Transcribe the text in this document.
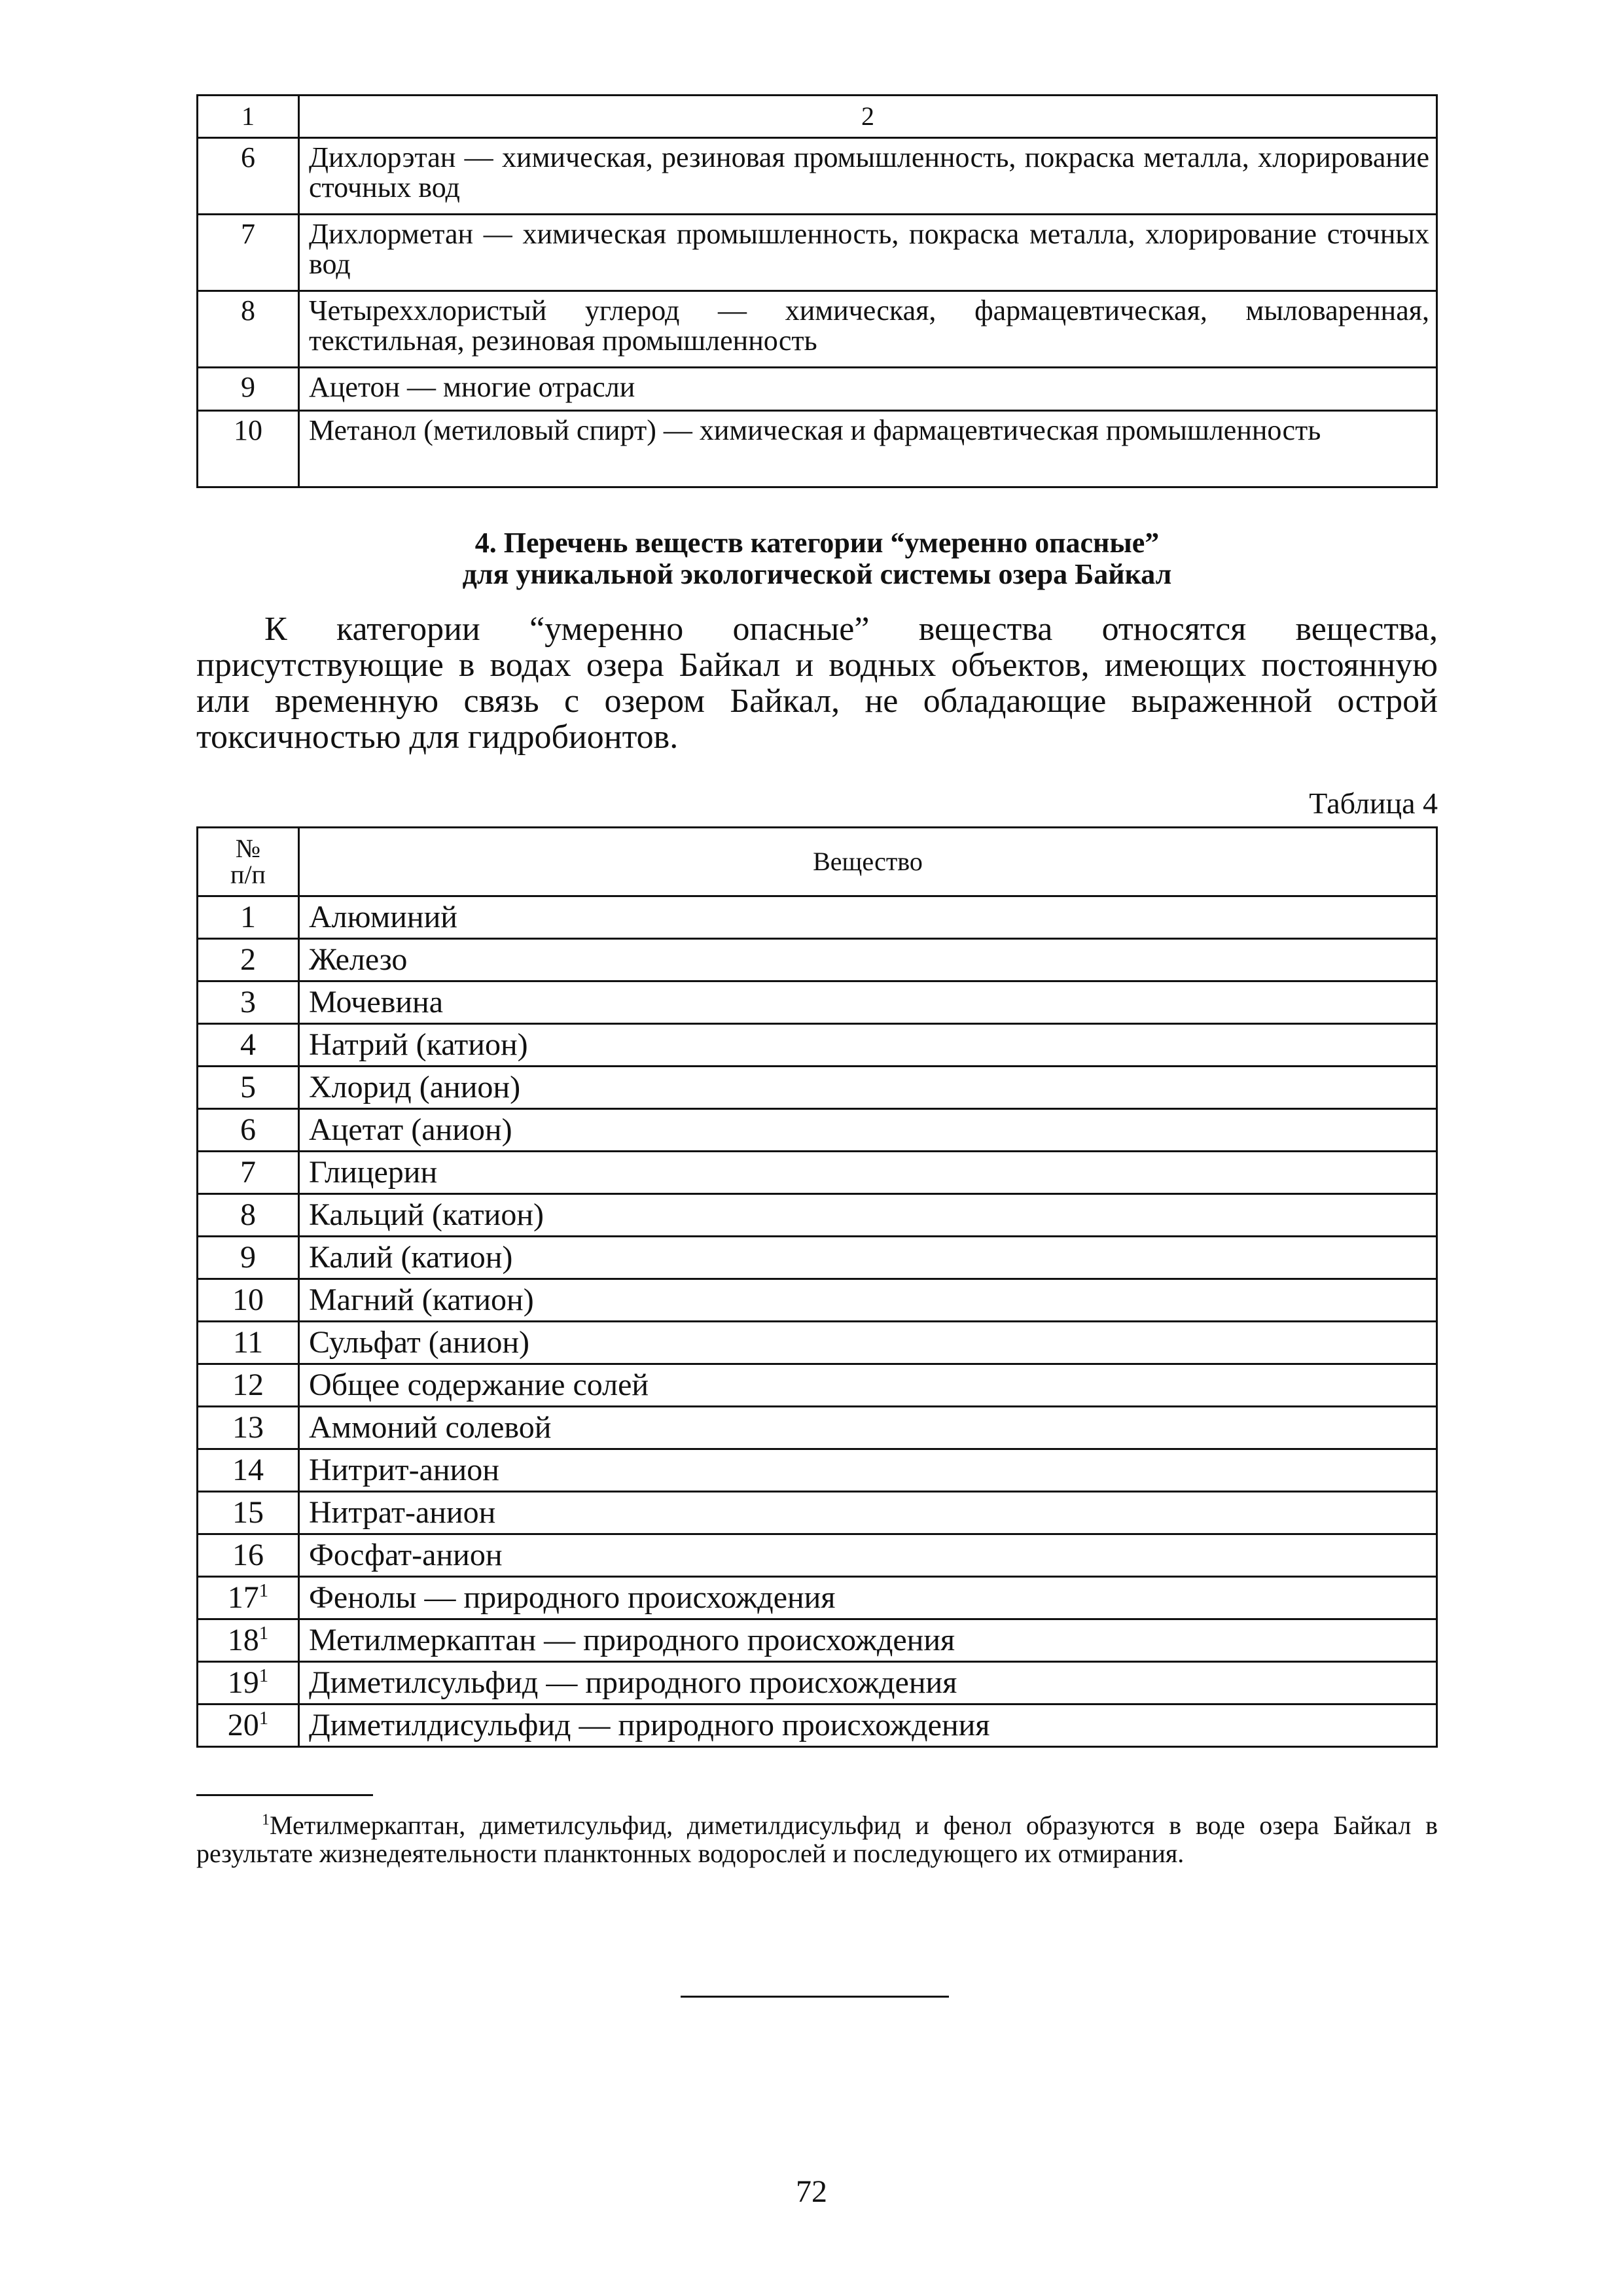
1	2
6	Дихлорэтан — химическая, резиновая промышленность, покраска металла, хлорирование сточных вод
7	Дихлорметан — химическая промышленность, покраска металла, хлорирование сточных вод
8	Четыреххлористый углерод — химическая, фармацевтическая, мыловаренная, текстильная, резиновая промышленность
9	Ацетон — многие отрасли
10	Метанол (метиловый спирт) — химическая и фармацевтическая промышленность
4. Перечень веществ категории “умеренно опасные”
для уникальной экологической системы озера Байкал

К категории “умеренно опасные” вещества относятся вещества, присутствующие в водах озера Байкал и водных объектов, имеющих постоянную или временную связь с озером Байкал, не обладающие выраженной острой токсичностью для гидробионтов.

Таблица 4
№
п/п	Вещество
1	Алюминий
2	Железо
3	Мочевина
4	Натрий (катион)
5	Хлорид (анион)
6	Ацетат (анион)
7	Глицерин
8	Кальций (катион)
9	Калий (катион)
10	Магний (катион)
11	Сульфат (анион)
12	Общее содержание солей
13	Аммоний солевой
14	Нитрит-анион
15	Нитрат-анион
16	Фосфат-анион
$17^1$	Фенолы — природного происхождения
$18^1$	Метилмеркаптан — природного происхождения
$19^1$	Диметилсульфид — природного происхождения
$20^1$	Диметилдисульфид — природного происхождения

$^1$Метилмеркаптан, диметилсульфид, диметилдисульфид и фенол образуются в воде озера Байкал в результате жизнедеятельности планктонных водорослей и последующего их отмирания.

72
